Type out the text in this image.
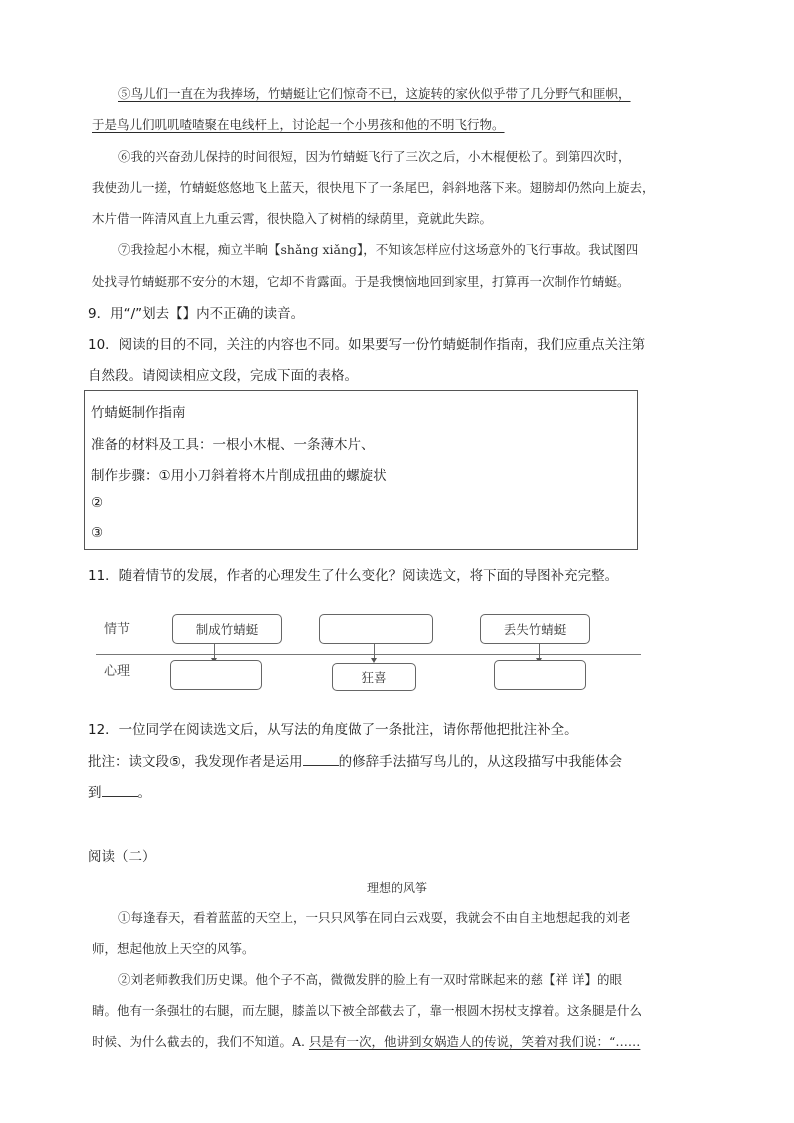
⑤鸟儿们一直在为我捧场，竹蜻蜓让它们惊奇不已，这旋转的家伙似乎带了几分野气和匪帜，
于是鸟儿们叽叽喳喳聚在电线杆上，讨论起一个小男孩和他的不明飞行物。
⑥我的兴奋劲儿保持的时间很短，因为竹蜻蜓飞行了三次之后，小木棍便松了。到第四次时，
我使劲儿一搓，竹蜻蜓悠悠地飞上蓝天，很快甩下了一条尾巴，斜斜地落下来。翅膀却仍然向上旋去，
木片借一阵清风直上九重云霄，很快隐入了树梢的绿荫里，竟就此失踪。
⑦我捡起小木棍，痴立半晌【shǎng xiǎng】，不知该怎样应付这场意外的飞行事故。我试图四
处找寻竹蜻蜓那不安分的木翅，它却不肯露面。于是我懊恼地回到家里，打算再一次制作竹蜻蜓。
9．用“/”划去【】内不正确的读音。
10．阅读的目的不同，关注的内容也不同。如果要写一份竹蜻蜓制作指南，我们应重点关注第
自然段。请阅读相应文段，完成下面的表格。
竹蜻蜓制作指南
准备的材料及工具：一根小木棍、一条薄木片、
制作步骤：①用小刀斜着将木片削成扭曲的螺旋状
②
③
11．随着情节的发展，作者的心理发生了什么变化？阅读选文，将下面的导图补充完整。
情节
心理
制成竹蜻蜓	丢失竹蜻蜓
狂喜
12．一位同学在阅读选文后，从写法的角度做了一条批注，请你帮他把批注补全。
批注：读文段⑤，我发现作者是运用	的修辞手法描写鸟儿的，从这段描写中我能体会
到	。
阅读（二）
理想的风筝
①每逢春天，看着蓝蓝的天空上，一只只风筝在同白云戏耍，我就会不由自主地想起我的刘老
师，想起他放上天空的风筝。
②刘老师教我们历史课。他个子不高，微微发胖的脸上有一双时常眯起来的慈【祥 详】的眼
睛。他有一条强壮的右腿，而左腿，膝盖以下被全部截去了，靠一根圆木拐杖支撑着。这条腿是什么
时候、为什么截去的，我们不知道。A. 只是有一次，他讲到女娲造人的传说，笑着对我们说：“……
